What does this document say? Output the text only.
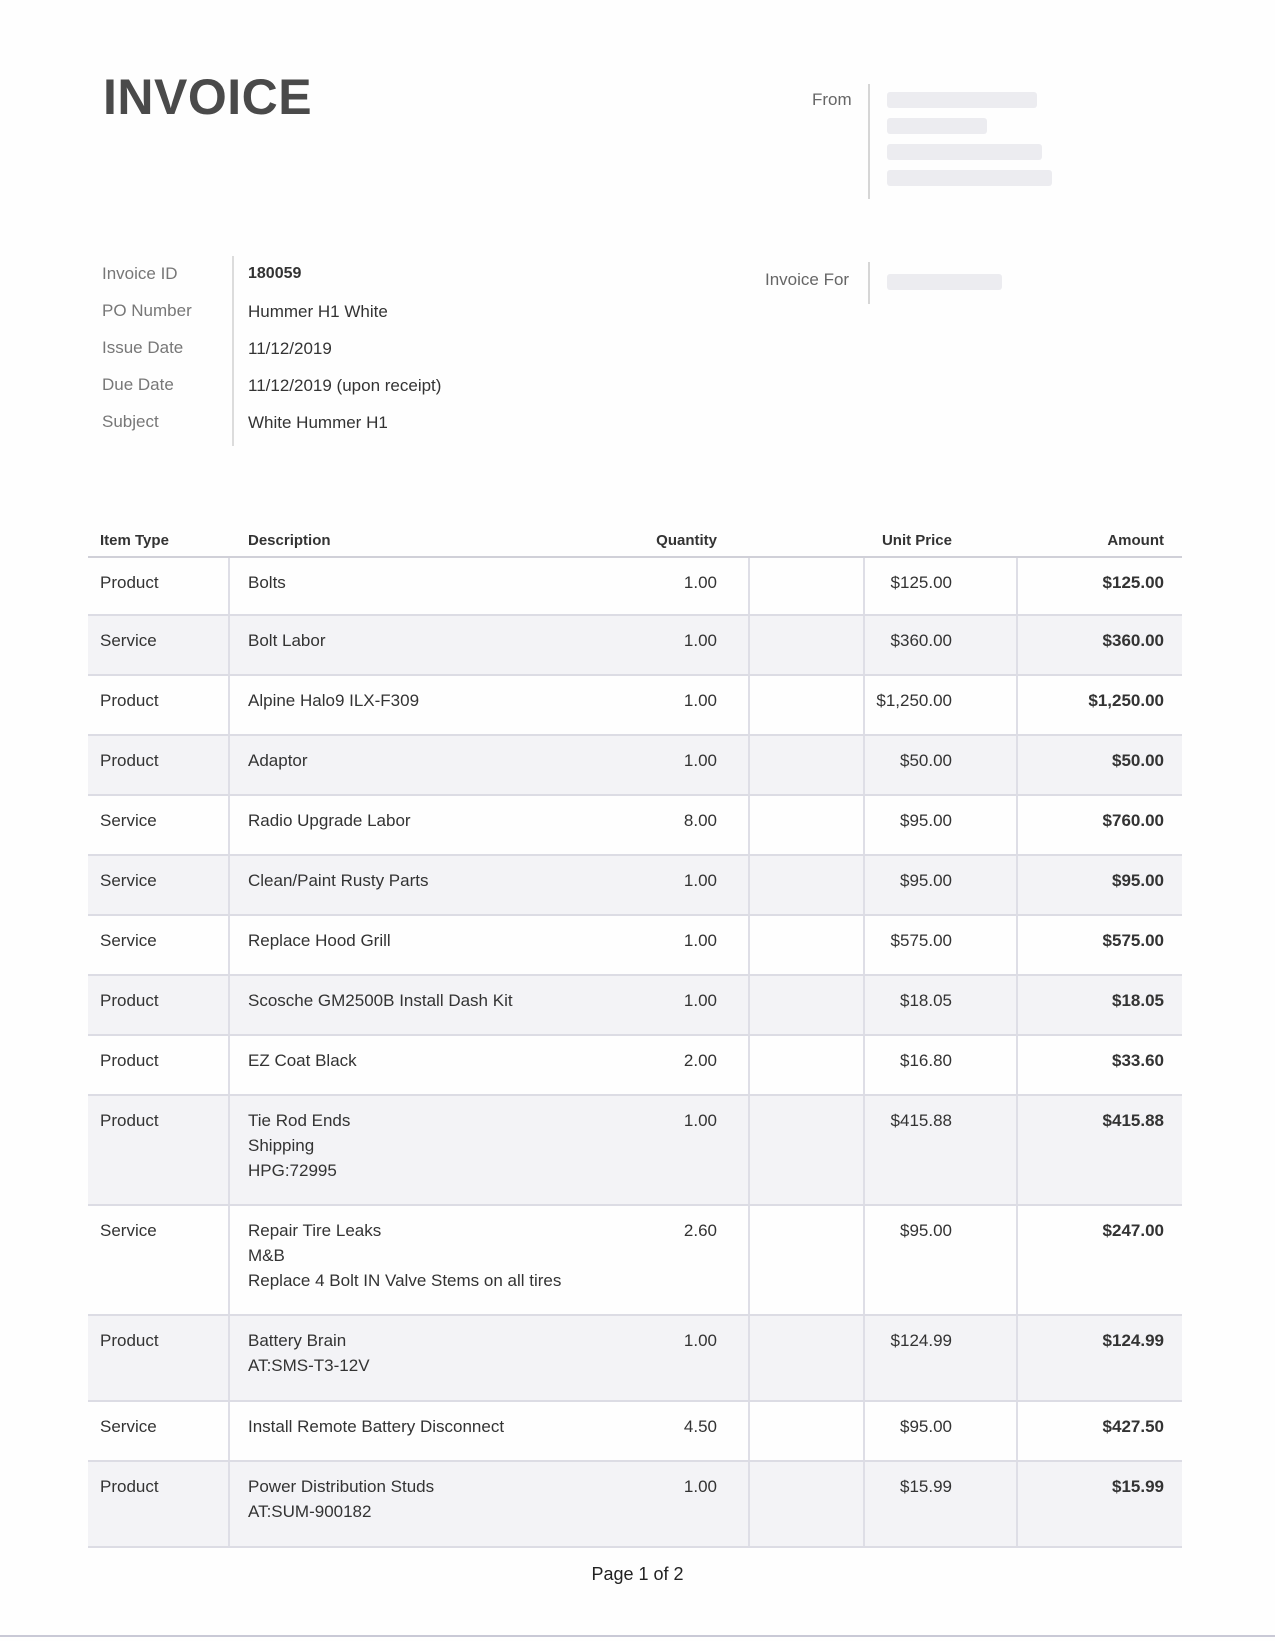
INVOICE	From
Invoice For
Invoice ID	180059
PO Number	Hummer H1 White
Issue Date	11/12/2019
Due Date	11/12/2019 (upon receipt)
Subject	White Hummer H1
Item Type	Description	Quantity	Unit Price	Amount
Product	Bolts	1.00	$125.00	$125.00
Service	Bolt Labor	1.00	$360.00	$360.00
Product	Alpine Halo9 ILX-F309	1.00	$1,250.00	$1,250.00
Product	Adaptor	1.00	$50.00	$50.00
Service	Radio Upgrade Labor	8.00	$95.00	$760.00
Service	Clean/Paint Rusty Parts	1.00	$95.00	$95.00
Service	Replace Hood Grill	1.00	$575.00	$575.00
Product	Scosche GM2500B Install Dash Kit	1.00	$18.05	$18.05
Product	EZ Coat Black	2.00	$16.80	$33.60
Product	Tie Rod Ends
Shipping
HPG:72995
1.00	$415.88	$415.88
Service	Repair Tire Leaks
M&B
Replace 4 Bolt IN Valve Stems on all tires
2.60	$95.00	$247.00
Product	Battery Brain
AT:SMS-T3-12V
1.00	$124.99	$124.99
Service	Install Remote Battery Disconnect	4.50	$95.00	$427.50
Product	Power Distribution Studs
AT:SUM-900182
1.00	$15.99	$15.99
Page 1 of 2
